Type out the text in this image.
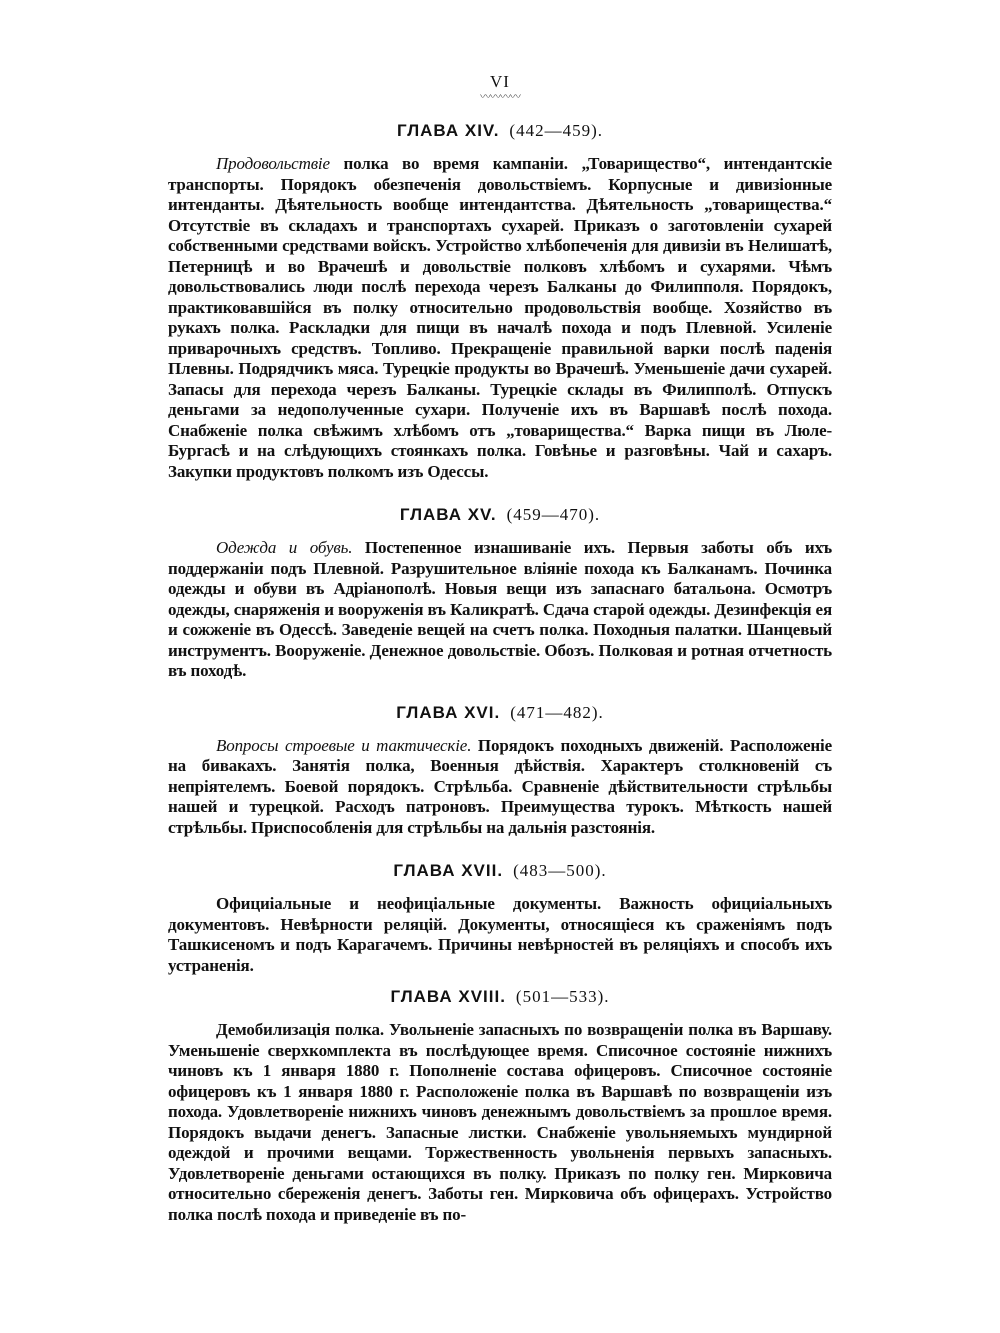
VI

〰〰〰〰

ГЛАВА XIV. (442—459).

Продовольствіе полка во время кампаніи. „Товарищество“, интендантскіе транспорты. Порядокъ обезпеченія довольствіемъ. Корпусные и дивизіонные интенданты. Дѣятельность вообще интендантства. Дѣятельность „товарищества.“ Отсутствіе въ складахъ и транспортахъ сухарей. Приказъ о заготовленіи сухарей собственными средствами войскъ. Устройство хлѣбопеченія для дивизіи въ Нелишатѣ, Петерницѣ и во Врачешѣ и довольствіе полковъ хлѣбомъ и сухарями. Чѣмъ довольствовались люди послѣ перехода черезъ Балканы до Филипполя. Порядокъ, практиковавшійся въ полку относительно продовольствія вообще. Хозяйство въ рукахъ полка. Раскладки для пищи въ началѣ похода и подъ Плевной. Усиленіе приварочныхъ средствъ. Топливо. Прекращеніе правильной варки послѣ паденія Плевны. Подрядчикъ мяса. Турецкіе продукты во Врачешѣ. Уменьшеніе дачи сухарей. Запасы для перехода черезъ Балканы. Турецкіе склады въ Филипполѣ. Отпускъ деньгами за недополученные сухари. Полученіе ихъ въ Варшавѣ послѣ похода. Снабженіе полка свѣжимъ хлѣбомъ отъ „товарищества.“ Варка пищи въ Люле-Бургасѣ и на слѣдующихъ стоянкахъ полка. Говѣнье и разговѣны. Чай и сахаръ. Закупки продуктовъ полкомъ изъ Одессы.

ГЛАВА XV. (459—470).

Одежда и обувь. Постепенное изнашиваніе ихъ. Первыя заботы объ ихъ поддержаніи подъ Плевной. Разрушительное вліяніе похода къ Балканамъ. Починка одежды и обуви въ Адріанополѣ. Новыя вещи изъ запаснаго батальона. Осмотръ одежды, снаряженія и вооруженія въ Каликратѣ. Сдача старой одежды. Дезинфекція ея и сожженіе въ Одессѣ. Заведеніе вещей на счетъ полка. Походныя палатки. Шанцевый инструментъ. Вооруженіе. Денежное довольствіе. Обозъ. Полковая и ротная отчетность въ походѣ.

ГЛАВА XVI. (471—482).

Вопросы строевые и тактическіе. Порядокъ походныхъ движеній. Расположеніе на бивакахъ. Занятія полка, Военныя дѣйствія. Характеръ столкновеній съ непріятелемъ. Боевой порядокъ. Стрѣльба. Сравненіе дѣйствительности стрѣльбы нашей и турецкой. Расходъ патроновъ. Преимущества турокъ. Мѣткость нашей стрѣльбы. Приспособленія для стрѣльбы на дальнія разстоянія.

ГЛАВА XVII. (483—500).

Официіальные и неофиціальные документы. Важность официіальныхъ документовъ. Невѣрности реляцій. Документы, относящіеся къ сраженіямъ подъ Ташкисеномъ и подъ Карагачемъ. Причины невѣрностей въ реляціяхъ и способъ ихъ устраненія.

ГЛАВА XVIII. (501—533).

Демобилизація полка. Увольненіе запасныхъ по возвращеніи полка въ Варшаву. Уменьшеніе сверхкомплекта въ послѣдующее время. Списочное состояніе нижнихъ чиновъ къ 1 января 1880 г. Пополненіе состава офицеровъ. Списочное состояніе офицеровъ къ 1 января 1880 г. Расположеніе полка въ Варшавѣ по возвращеніи изъ похода. Удовлетвореніе нижнихъ чиновъ денежнымъ довольствіемъ за прошлое время. Порядокъ выдачи денегъ. Запасные листки. Снабженіе увольняемыхъ мундирной одеждой и прочими вещами. Торжественность увольненія первыхъ запасныхъ. Удовлетвореніе деньгами остающихся въ полку. Приказъ по полку ген. Мирковича относительно сбереженія денегъ. Заботы ген. Мирковича объ офицерахъ. Устройство полка послѣ похода и приведеніе въ по-
